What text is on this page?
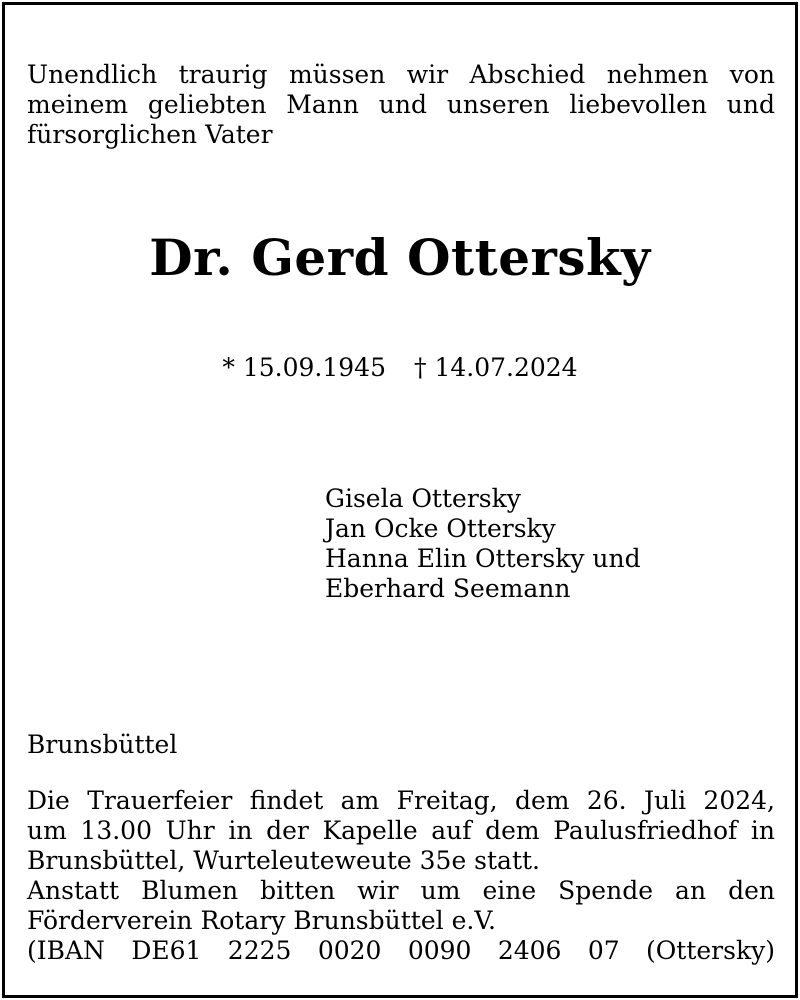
Unendlich traurig müssen wir Abschied nehmen von
meinem geliebten Mann und unseren liebevollen und
fürsorglichen Vater
Dr. Gerd Ottersky
* 15.09.1945 † 14.07.2024
Gisela Ottersky
Jan Ocke Ottersky
Hanna Elin Ottersky und
Eberhard Seemann
Brunsbüttel
Die Trauerfeier findet am Freitag, dem 26. Juli 2024,
um 13.00 Uhr in der Kapelle auf dem Paulusfriedhof in
Brunsbüttel, Wurteleuteweute 35e statt.
Anstatt Blumen bitten wir um eine Spende an den
Förderverein Rotary Brunsbüttel e.V.
(IBAN DE61 2225 0020 0090 2406 07 (Ottersky)
